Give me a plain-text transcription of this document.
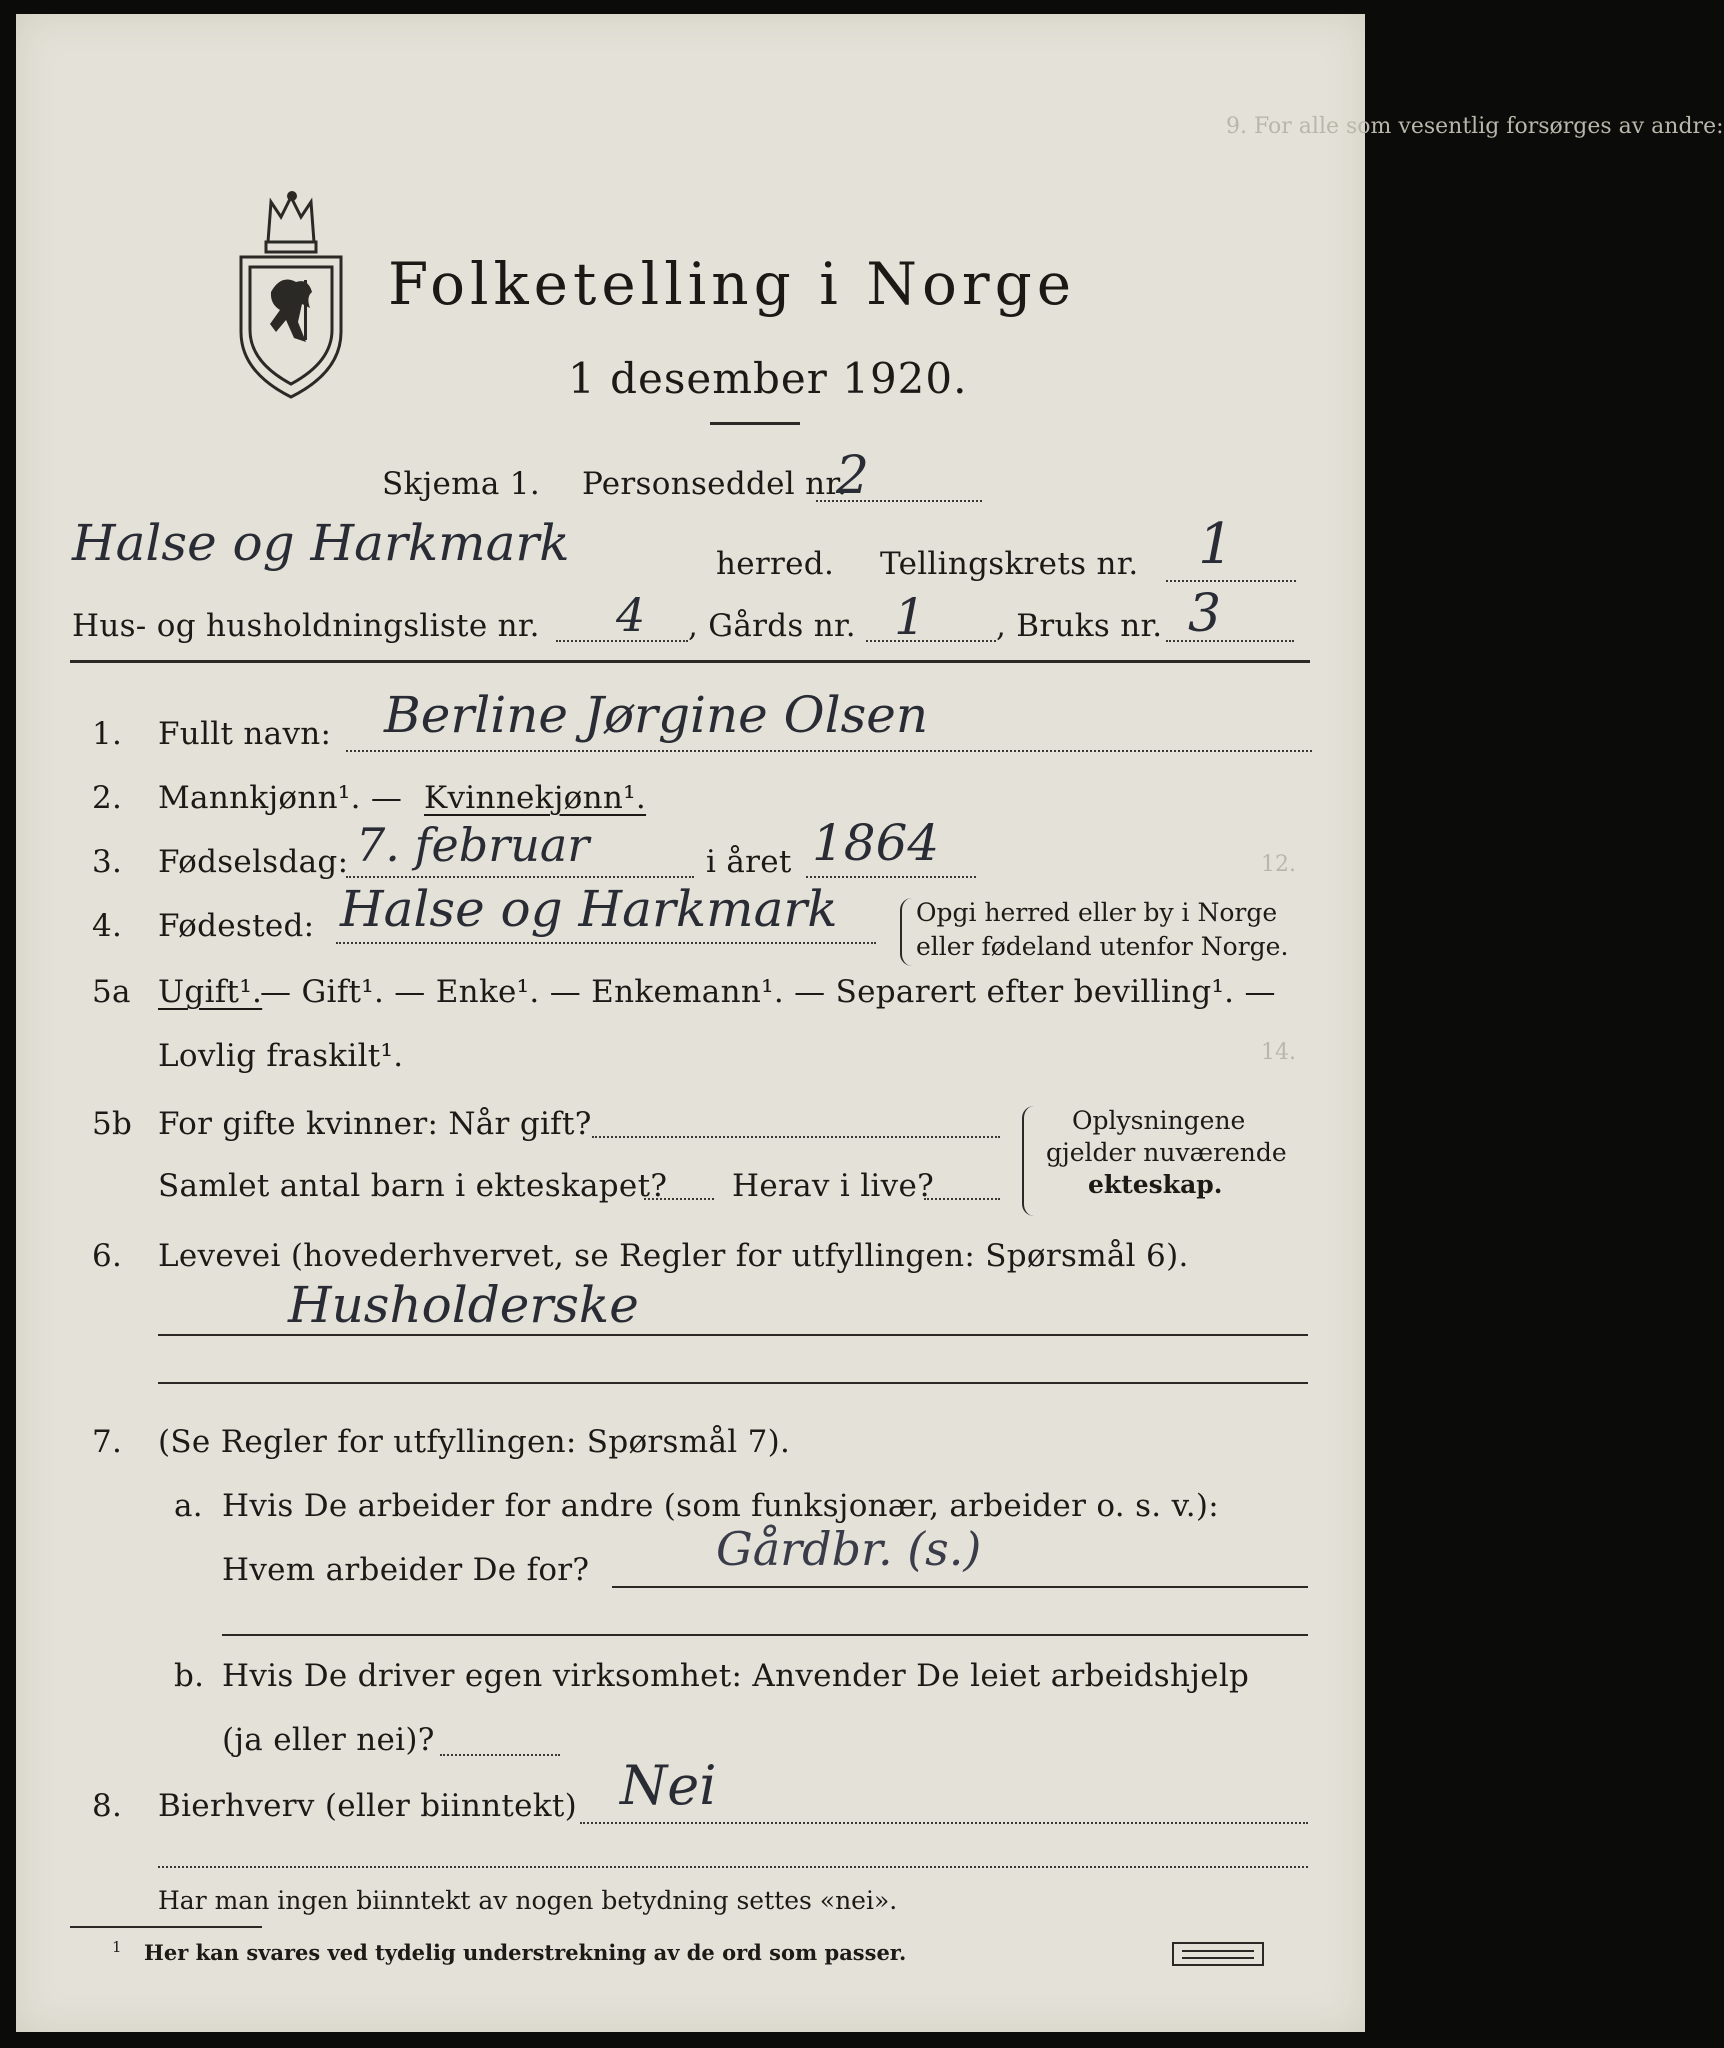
9. For alle som vesentlig forsørges av andre:
12.
14.
Folketelling i Norge
1 desember 1920.
Skjema 1. Personseddel nr.
2
Halse og Harkmark	herred. Tellingskrets nr. 1
Hus- og husholdningsliste nr. 4 , Gårds nr. 1 , Bruks nr. 3
1. Fullt navn: Berline Jørgine Olsen
2. Mannkjønn¹. — Kvinnekjønn¹.
3. Fødselsdag: 7. februar	i året 1864
4. Fødested: Halse og Harkmark	Opgi herred eller by i Norge
eller fødeland utenfor Norge.
5a Ugift¹.
— Gift¹. — Enke¹. — Enkemann¹. — Separert efter bevilling¹. —
Lovlig fraskilt¹.
5b For gifte kvinner: Når gift?
Samlet antal barn i ekteskapet? Herav i live?
Oplysningene
gjelder nuværende
ekteskap.
6. Levevei (hovederhvervet, se Regler for utfyllingen: Spørsmål 6).
Husholderske
7. (Se Regler for utfyllingen: Spørsmål 7).
a. Hvis De arbeider for andre (som funksjonær, arbeider o. s. v.):
Hvem arbeider De for?	Gårdbr. (s.)
b. Hvis De driver egen virksomhet: Anvender De leiet arbeidshjelp
(ja eller nei)?
8. Bierhverv (eller biinntekt) Nei
Har man ingen biinntekt av nogen betydning settes «nei».
1 Her kan svares ved tydelig understrekning av de ord som passer.
